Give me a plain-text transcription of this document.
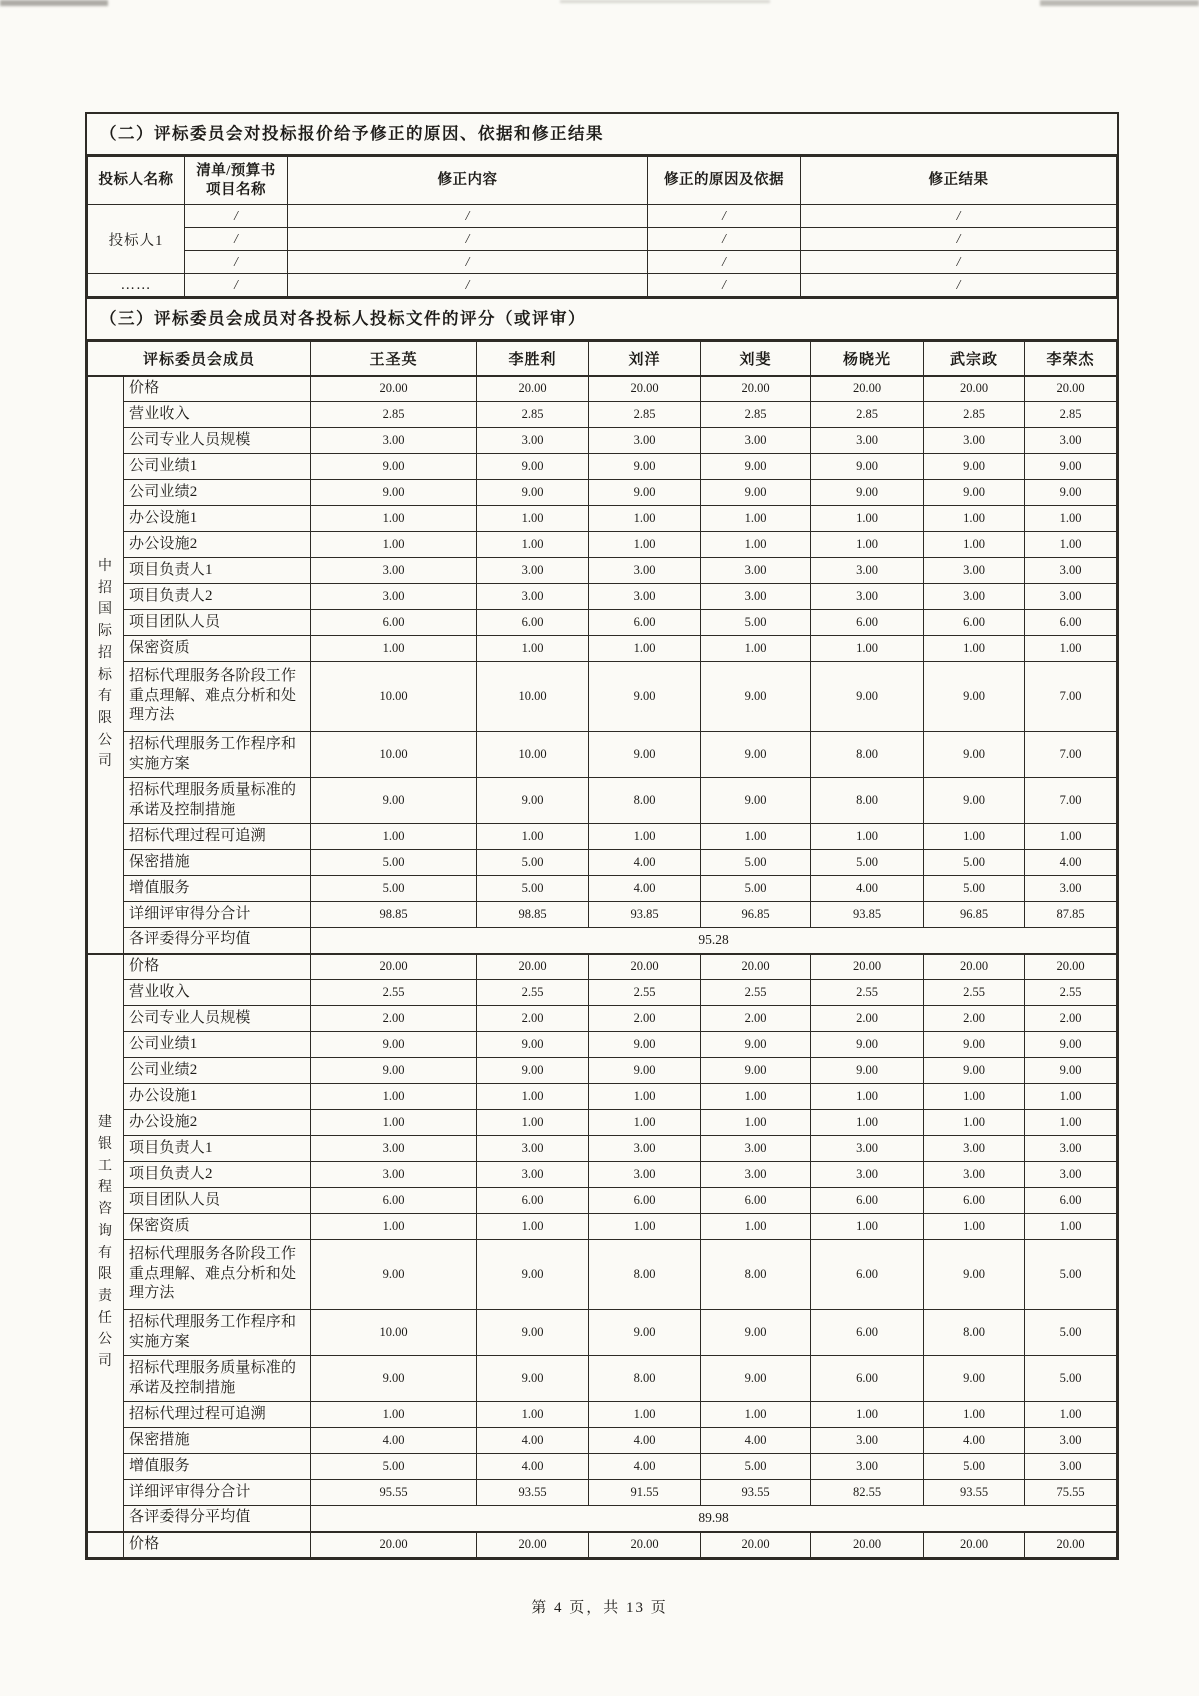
（二）评标委员会对投标报价给予修正的原因、依据和修正结果
投标人名称	清单/预算书项目名称	修正内容	修正的原因及依据	修正结果
投标人1	/	/	/	/
	/	/	/	/
	/	/	/	/
……	/	/	/	/
（三）评标委员会成员对各投标人投标文件的评分（或评审）
评标委员会成员		王圣英	李胜利	刘洋	刘斐	杨晓光	武宗政	李荣杰
中招国际招标有限公司	价格	20.00	20.00	20.00	20.00	20.00	20.00	20.00
	营业收入	2.85	2.85	2.85	2.85	2.85	2.85	2.85
	公司专业人员规模	3.00	3.00	3.00	3.00	3.00	3.00	3.00
	公司业绩1	9.00	9.00	9.00	9.00	9.00	9.00	9.00
	公司业绩2	9.00	9.00	9.00	9.00	9.00	9.00	9.00
	办公设施1	1.00	1.00	1.00	1.00	1.00	1.00	1.00
	办公设施2	1.00	1.00	1.00	1.00	1.00	1.00	1.00
	项目负责人1	3.00	3.00	3.00	3.00	3.00	3.00	3.00
	项目负责人2	3.00	3.00	3.00	3.00	3.00	3.00	3.00
	项目团队人员	6.00	6.00	6.00	5.00	6.00	6.00	6.00
	保密资质	1.00	1.00	1.00	1.00	1.00	1.00	1.00
	招标代理服务各阶段工作重点理解、难点分析和处理方法	10.00	10.00	9.00	9.00	9.00	9.00	7.00
	招标代理服务工作程序和实施方案	10.00	10.00	9.00	9.00	8.00	9.00	7.00
	招标代理服务质量标准的承诺及控制措施	9.00	9.00	8.00	9.00	8.00	9.00	7.00
	招标代理过程可追溯	1.00	1.00	1.00	1.00	1.00	1.00	1.00
	保密措施	5.00	5.00	4.00	5.00	5.00	5.00	4.00
	增值服务	5.00	5.00	4.00	5.00	4.00	5.00	3.00
	详细评审得分合计	98.85	98.85	93.85	96.85	93.85	96.85	87.85
	各评委得分平均值	95.28						
建银工程咨询有限责任公司	价格	20.00	20.00	20.00	20.00	20.00	20.00	20.00
	营业收入	2.55	2.55	2.55	2.55	2.55	2.55	2.55
	公司专业人员规模	2.00	2.00	2.00	2.00	2.00	2.00	2.00
	公司业绩1	9.00	9.00	9.00	9.00	9.00	9.00	9.00
	公司业绩2	9.00	9.00	9.00	9.00	9.00	9.00	9.00
	办公设施1	1.00	1.00	1.00	1.00	1.00	1.00	1.00
	办公设施2	1.00	1.00	1.00	1.00	1.00	1.00	1.00
	项目负责人1	3.00	3.00	3.00	3.00	3.00	3.00	3.00
	项目负责人2	3.00	3.00	3.00	3.00	3.00	3.00	3.00
	项目团队人员	6.00	6.00	6.00	6.00	6.00	6.00	6.00
	保密资质	1.00	1.00	1.00	1.00	1.00	1.00	1.00
	招标代理服务各阶段工作重点理解、难点分析和处理方法	9.00	9.00	8.00	8.00	6.00	9.00	5.00
	招标代理服务工作程序和实施方案	10.00	9.00	9.00	9.00	6.00	8.00	5.00
	招标代理服务质量标准的承诺及控制措施	9.00	9.00	8.00	9.00	6.00	9.00	5.00
	招标代理过程可追溯	1.00	1.00	1.00	1.00	1.00	1.00	1.00
	保密措施	4.00	4.00	4.00	4.00	3.00	4.00	3.00
	增值服务	5.00	4.00	4.00	5.00	3.00	5.00	3.00
	详细评审得分合计	95.55	93.55	91.55	93.55	82.55	93.55	75.55
	各评委得分平均值	89.98						
	价格	20.00	20.00	20.00	20.00	20.00	20.00	20.00
第 4 页，共 13 页
